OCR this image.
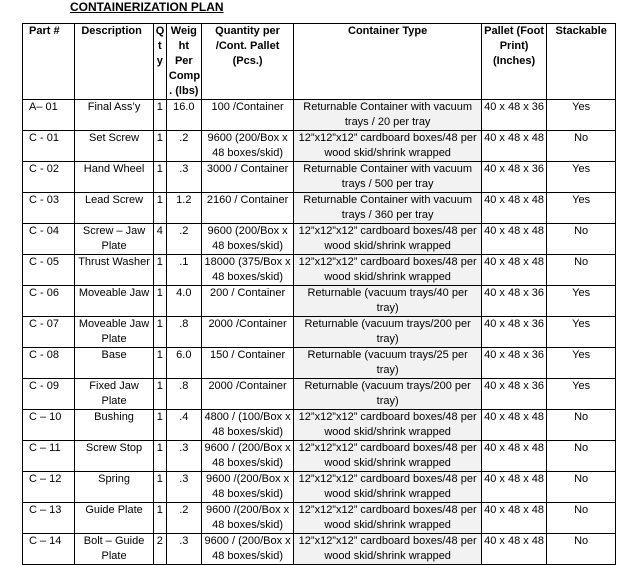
CONTAINERIZATION PLAN
Part #	Description	Q t y	Weig ht Per Comp . (lbs)	Quantity per /Cont. Pallet (Pcs.)	Container Type	Pallet (Foot Print) (Inches)	Stackable
A– 01	Final Ass’y	1	16.0	100 /Container	Returnable Container with vacuum trays / 20 per tray	40 x 48 x 36	Yes
C - 01	Set Screw	1	.2	9600 (200/Box x 48 boxes/skid)	12”x12”x12” cardboard boxes/48 per wood skid/shrink wrapped	40 x 48 x 48	No
C - 02	Hand Wheel	1	.3	3000 / Container	Returnable Container with vacuum trays / 500 per tray	40 x 48 x 36	Yes
C - 03	Lead Screw	1	1.2	2160 / Container	Returnable Container with vacuum trays / 360 per tray	40 x 48 x 48	Yes
C - 04	Screw – Jaw Plate	4	.2	9600 (200/Box x 48 boxes/skid)	12”x12”x12” cardboard boxes/48 per wood skid/shrink wrapped	40 x 48 x 48	No
C - 05	Thrust Washer	1	.1	18000 (375/Box x 48 boxes/skid)	12”x12”x12” cardboard boxes/48 per wood skid/shrink wrapped	40 x 48 x 48	No
C - 06	Moveable Jaw	1	4.0	200 / Container	Returnable (vacuum trays/40 per tray)	40 x 48 x 36	Yes
C - 07	Moveable Jaw Plate	1	.8	2000 /Container	Returnable (vacuum trays/200 per tray)	40 x 48 x 36	Yes
C - 08	Base	1	6.0	150 / Container	Returnable (vacuum trays/25 per tray)	40 x 48 x 36	Yes
C - 09	Fixed Jaw Plate	1	.8	2000 /Container	Returnable (vacuum trays/200 per tray)	40 x 48 x 36	Yes
C – 10	Bushing	1	.4	4800 / (100/Box x 48 boxes/skid)	12”x12”x12” cardboard boxes/48 per wood skid/shrink wrapped	40 x 48 x 48	No
C – 11	Screw Stop	1	.3	9600 / (200/Box x 48 boxes/skid)	12”x12”x12” cardboard boxes/48 per wood skid/shrink wrapped	40 x 48 x 48	No
C – 12	Spring	1	.3	9600 /(200/Box x 48 boxes/skid)	12”x12”x12” cardboard boxes/48 per wood skid/shrink wrapped	40 x 48 x 48	No
C – 13	Guide Plate	1	.2	9600 /(200/Box x 48 boxes/skid)	12”x12”x12” cardboard boxes/48 per wood skid/shrink wrapped	40 x 48 x 48	No
C – 14	Bolt – Guide Plate	2	.3	9600 / (200/Box x 48 boxes/skid)	12”x12”x12” cardboard boxes/48 per wood skid/shrink wrapped	40 x 48 x 48	No
